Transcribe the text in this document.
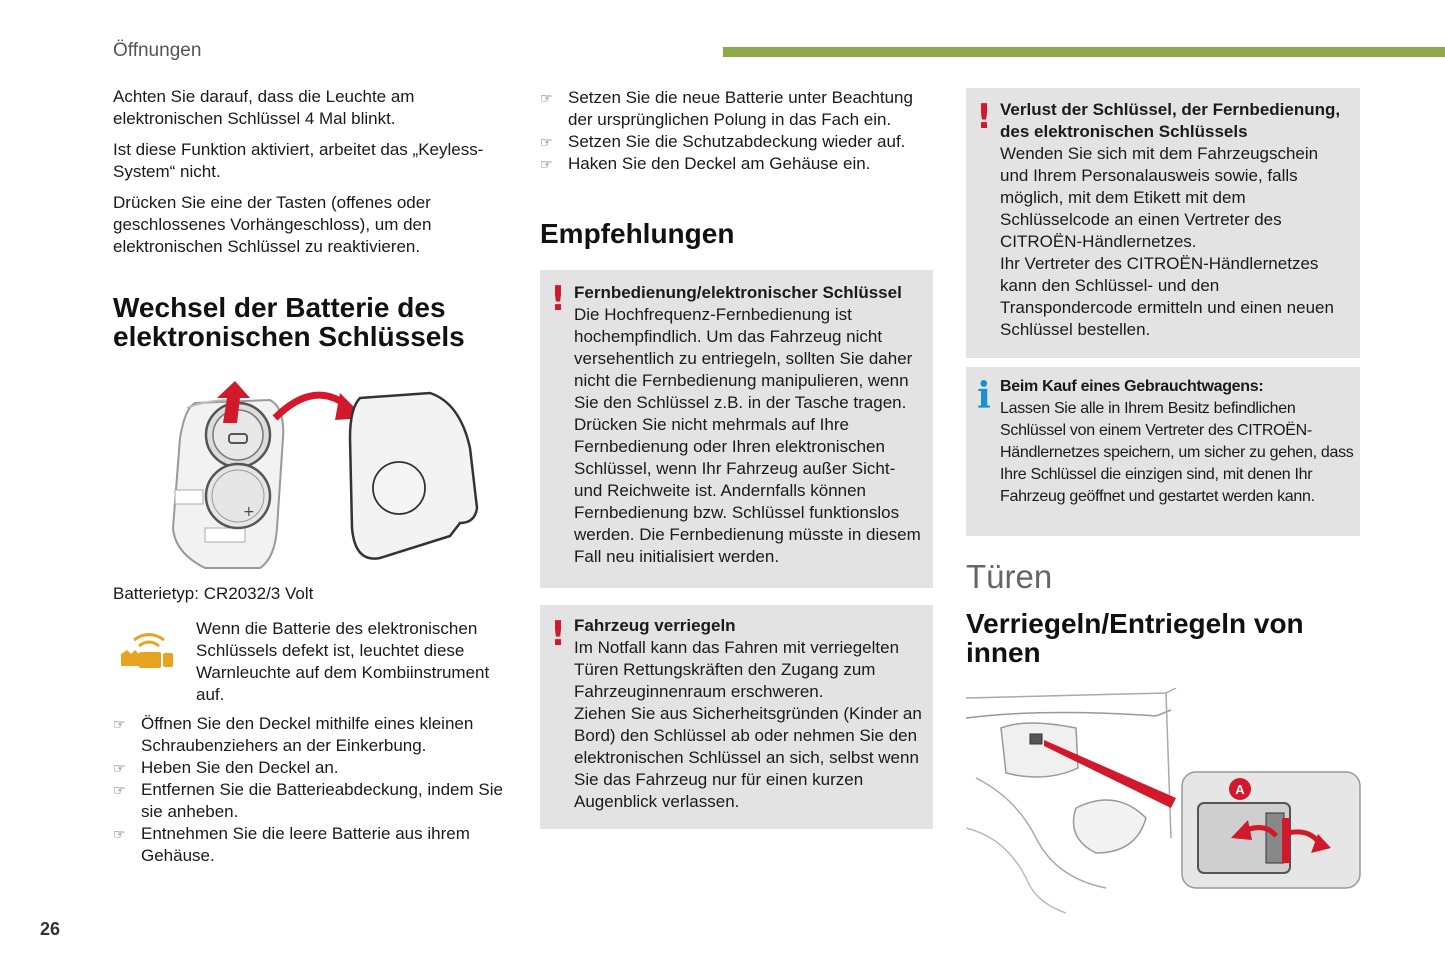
Öffnungen

Achten Sie darauf, dass die Leuchte am elektronischen Schlüssel 4 Mal blinkt.

Ist diese Funktion aktiviert, arbeitet das „Keyless-System“ nicht.

Drücken Sie eine der Tasten (offenes oder geschlossenes Vorhängeschloss), um den elektronischen Schlüssel zu reaktivieren.

Wechsel der Batterie des elektronischen Schlüssels
+
Batterietyp: CR2032/3 Volt
Wenn die Batterie des elektronischen Schlüssels defekt ist, leuchtet diese Warnleuchte auf dem Kombiinstrument auf.
☞ Öffnen Sie den Deckel mithilfe eines kleinen Schraubenziehers an der Einkerbung.
☞ Heben Sie den Deckel an.
☞ Entfernen Sie die Batterieabdeckung, indem Sie sie anheben.
☞ Entnehmen Sie die leere Batterie aus ihrem Gehäuse.
☞ Setzen Sie die neue Batterie unter Beachtung der ursprünglichen Polung in das Fach ein.
☞ Setzen Sie die Schutzabdeckung wieder auf.
☞ Haken Sie den Deckel am Gehäuse ein.
Empfehlungen
! Fernbedienung/elektronischer Schlüssel
Die Hochfrequenz-Fernbedienung ist hochempfindlich. Um das Fahrzeug nicht versehentlich zu entriegeln, sollten Sie daher nicht die Fernbedienung manipulieren, wenn Sie den Schlüssel z.B. in der Tasche tragen. Drücken Sie nicht mehrmals auf Ihre Fernbedienung oder Ihren elektronischen Schlüssel, wenn Ihr Fahrzeug außer Sicht- und Reichweite ist. Andernfalls können Fernbedienung bzw. Schlüssel funktionslos werden. Die Fernbedienung müsste in diesem Fall neu initialisiert werden.
! Fahrzeug verriegeln
Im Notfall kann das Fahren mit verriegelten Türen Rettungskräften den Zugang zum Fahrzeuginnenraum erschweren.
Ziehen Sie aus Sicherheitsgründen (Kinder an Bord) den Schlüssel ab oder nehmen Sie den elektronischen Schlüssel an sich, selbst wenn Sie das Fahrzeug nur für einen kurzen Augenblick verlassen.
! Verlust der Schlüssel, der Fernbedienung, des elektronischen Schlüssels
Wenden Sie sich mit dem Fahrzeugschein und Ihrem Personalausweis sowie, falls möglich, mit dem Etikett mit dem Schlüsselcode an einen Vertreter des CITROËN-Händlernetzes.
Ihr Vertreter des CITROËN-Händlernetzes kann den Schlüssel- und den Transpondercode ermitteln und einen neuen Schlüssel bestellen.
i Beim Kauf eines Gebrauchtwagens:
Lassen Sie alle in Ihrem Besitz befindlichen Schlüssel von einem Vertreter des CITROËN-Händlernetzes speichern, um sicher zu gehen, dass Ihre Schlüssel die einzigen sind, mit denen Ihr Fahrzeug geöffnet und gestartet werden kann.
Türen
Verriegeln/Entriegeln von innen
A
26
